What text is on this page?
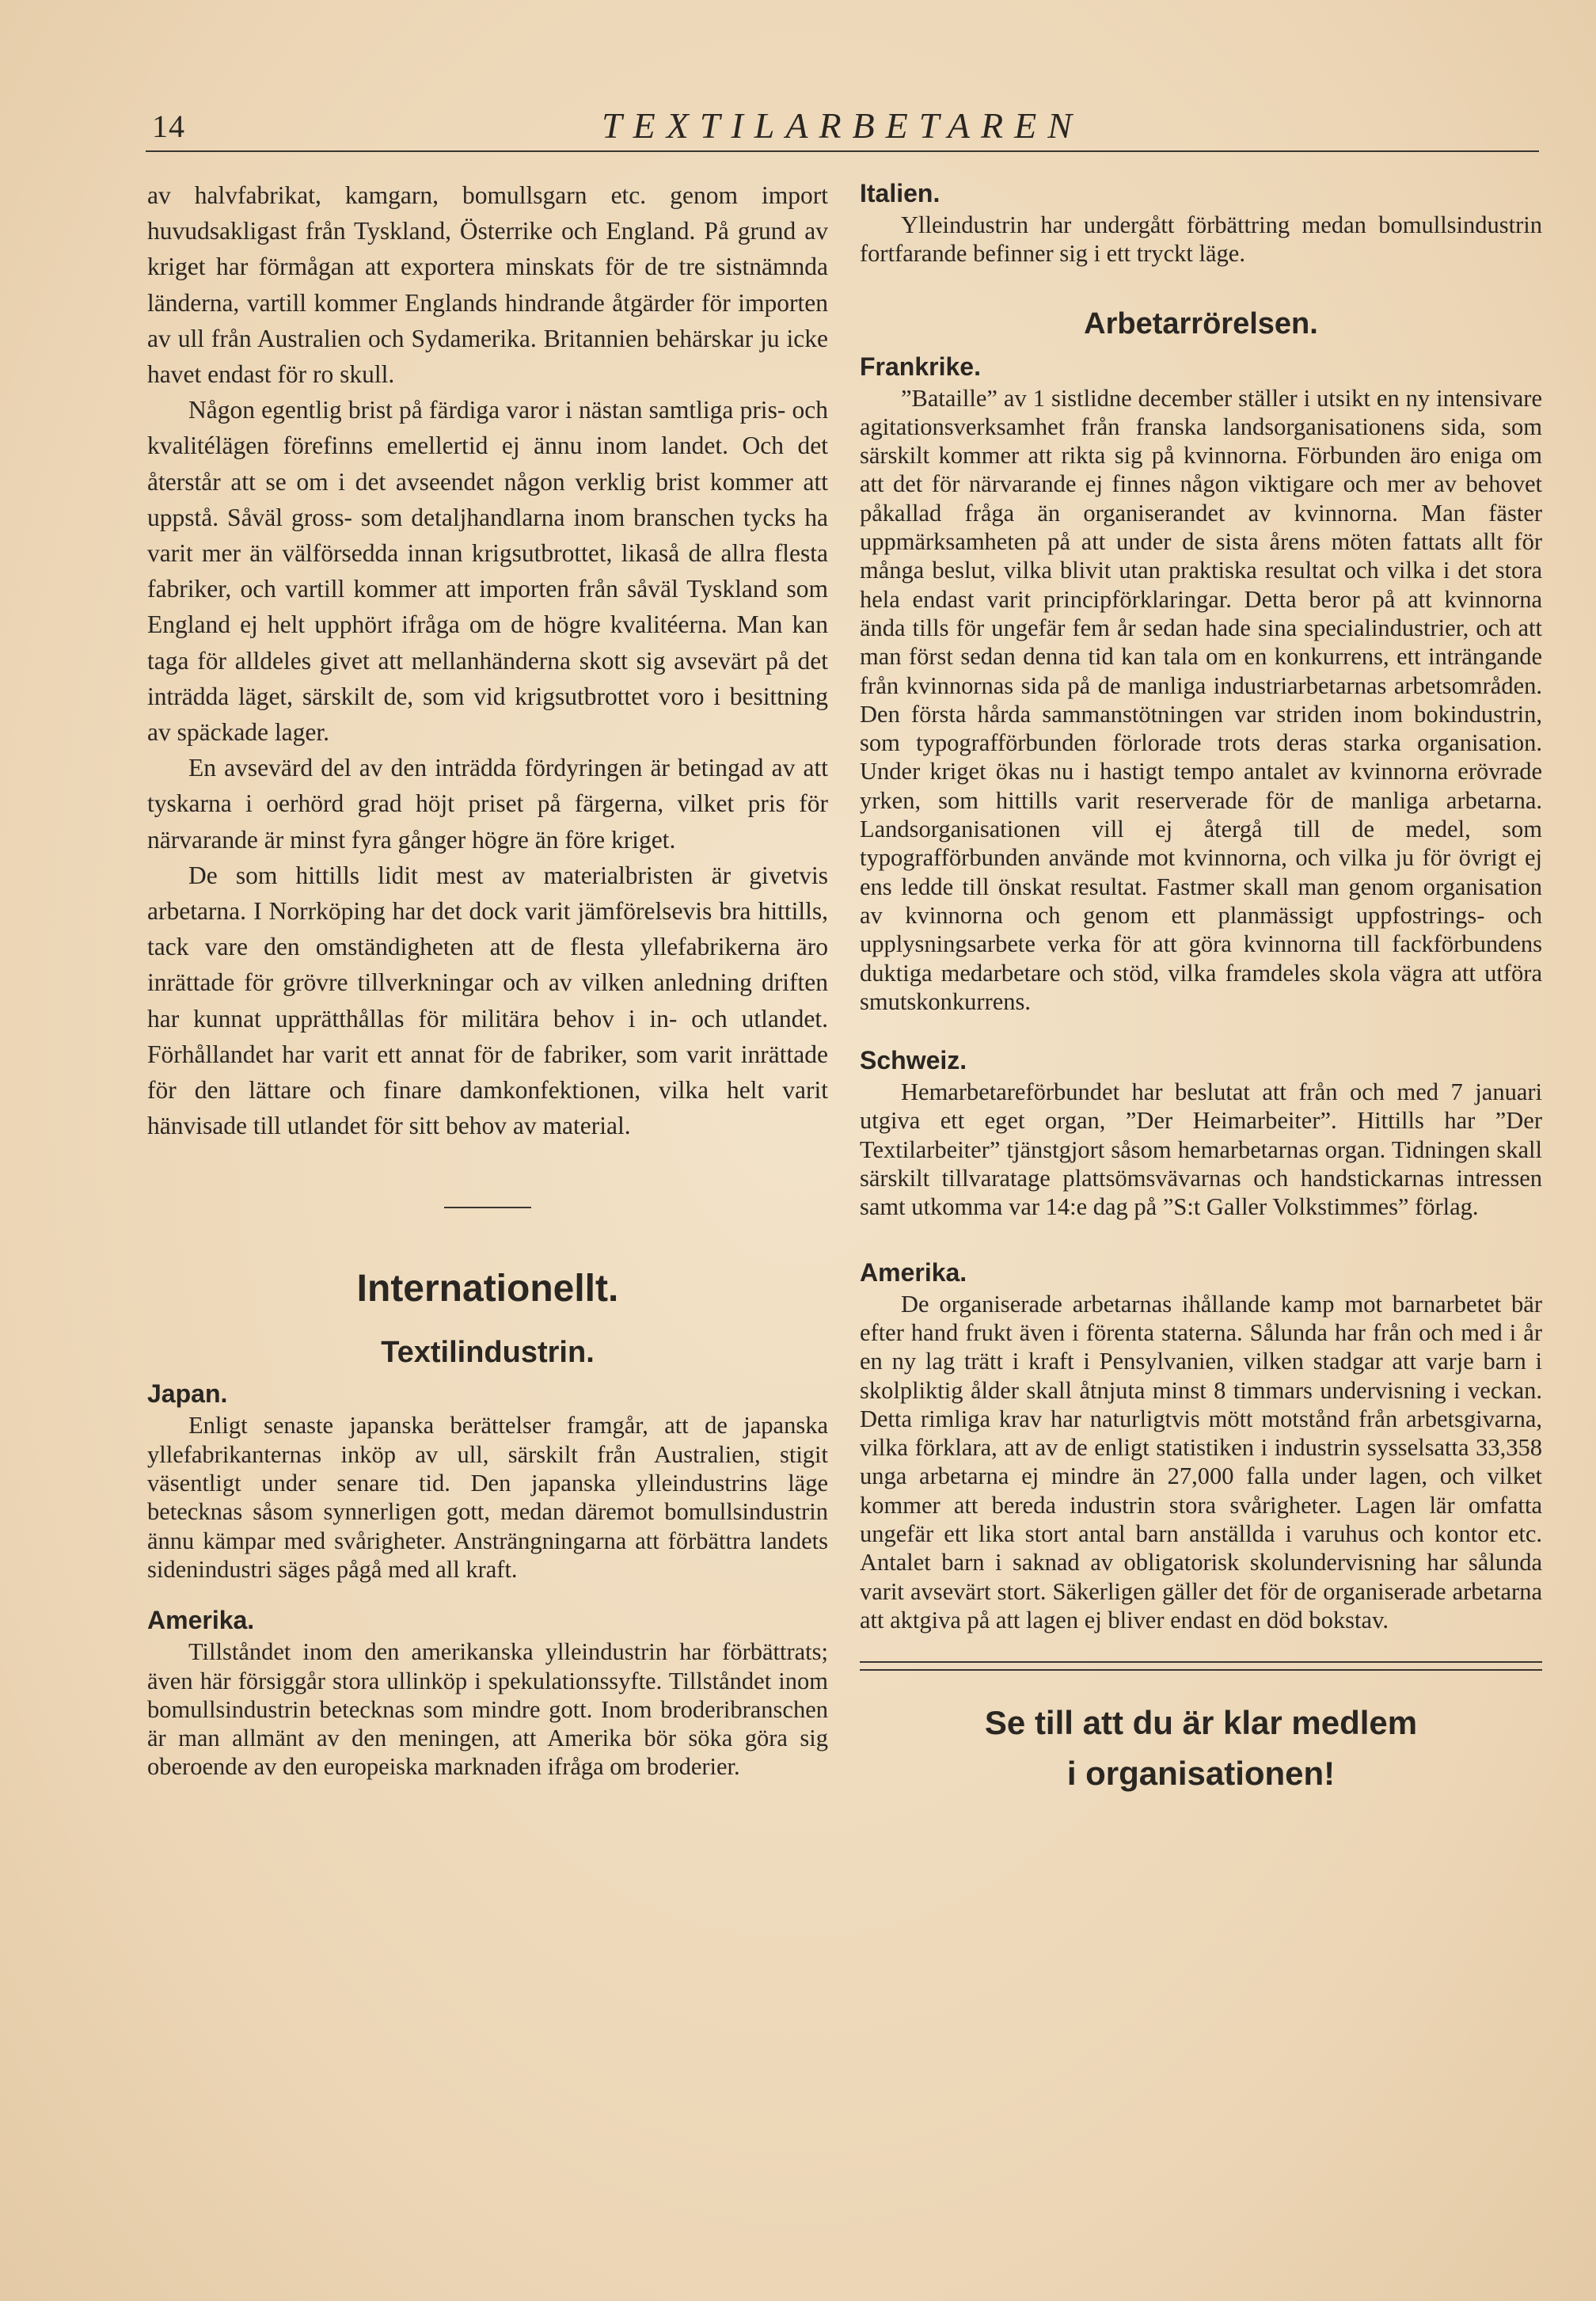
14	TEXTILARBETAREN

av halvfabrikat, kamgarn, bomullsgarn etc. genom import huvudsakligast från Tyskland, Österrike och England. På grund av kriget har förmågan att exportera minskats för de tre sistnämnda länderna, vartill kommer Englands hindrande åtgärder för importen av ull från Australien och Sydamerika. Britannien behärskar ju icke havet endast för ro skull.

Någon egentlig brist på färdiga varor i nästan samtliga pris- och kvalitélägen förefinns emellertid ej ännu inom landet. Och det återstår att se om i det avseendet någon verklig brist kommer att uppstå. Såväl gross- som detaljhandlarna inom branschen tycks ha varit mer än välförsedda innan krigsutbrottet, likaså de allra flesta fabriker, och vartill kommer att importen från såväl Tyskland som England ej helt upphört ifråga om de högre kvalitéerna. Man kan taga för alldeles givet att mellanhänderna skott sig avsevärt på det inträdda läget, särskilt de, som vid krigsutbrottet voro i besittning av späckade lager.

En avsevärd del av den inträdda fördyringen är betingad av att tyskarna i oerhörd grad höjt priset på färgerna, vilket pris för närvarande är minst fyra gånger högre än före kriget.

De som hittills lidit mest av materialbristen är givetvis arbetarna. I Norrköping har det dock varit jämförelsevis bra hittills, tack vare den omständigheten att de flesta yllefabrikerna äro inrättade för grövre tillverkningar och av vilken anledning driften har kunnat upprätthållas för militära behov i in- och utlandet. Förhållandet har varit ett annat för de fabriker, som varit inrättade för den lättare och finare damkonfektionen, vilka helt varit hänvisade till utlandet för sitt behov av material.

Internationellt.
Textilindustrin.
Japan.

Enligt senaste japanska berättelser framgår, att de japanska yllefabrikanternas inköp av ull, särskilt från Australien, stigit väsentligt under senare tid. Den japanska ylleindustrins läge betecknas såsom synnerligen gott, medan däremot bomullsindustrin ännu kämpar med svårigheter. Ansträngningarna att förbättra landets sidenindustri säges pågå med all kraft.

Amerika.

Tillståndet inom den amerikanska ylleindustrin har förbättrats; även här försiggår stora ullinköp i spekulationssyfte. Tillståndet inom bomullsindustrin betecknas som mindre gott. Inom broderibranschen är man allmänt av den meningen, att Amerika bör söka göra sig oberoende av den europeiska marknaden ifråga om broderier.

Italien.

Ylleindustrin har undergått förbättring medan bomullsindustrin fortfarande befinner sig i ett tryckt läge.

Arbetarrörelsen.
Frankrike.

”Bataille” av 1 sistlidne december ställer i utsikt en ny intensivare agitationsverksamhet från franska landsorganisationens sida, som särskilt kommer att rikta sig på kvinnorna. Förbunden äro eniga om att det för närvarande ej finnes någon viktigare och mer av behovet påkallad fråga än organiserandet av kvinnorna. Man fäster uppmärksamheten på att under de sista årens möten fattats allt för många beslut, vilka blivit utan praktiska resultat och vilka i det stora hela endast varit principförklaringar. Detta beror på att kvinnorna ända tills för ungefär fem år sedan hade sina specialindustrier, och att man först sedan denna tid kan tala om en konkurrens, ett inträngande från kvinnornas sida på de manliga industriarbetarnas arbetsområden. Den första hårda sammanstötningen var striden inom bokindustrin, som typografförbunden förlorade trots deras starka organisation. Under kriget ökas nu i hastigt tempo antalet av kvinnorna erövrade yrken, som hittills varit reserverade för de manliga arbetarna. Landsorganisationen vill ej återgå till de medel, som typografförbunden använde mot kvinnorna, och vilka ju för övrigt ej ens ledde till önskat resultat. Fastmer skall man genom organisation av kvinnorna och genom ett planmässigt uppfostrings- och upplysningsarbete verka för att göra kvinnorna till fackförbundens duktiga medarbetare och stöd, vilka framdeles skola vägra att utföra smutskonkurrens.

Schweiz.

Hemarbetareförbundet har beslutat att från och med 7 januari utgiva ett eget organ, ”Der Heimarbeiter”. Hittills har ”Der Textilarbeiter” tjänstgjort såsom hemarbetarnas organ. Tidningen skall särskilt tillvaratage plattsömsvävarnas och handstickarnas intressen samt utkomma var 14:e dag på ”S:t Galler Volkstimmes” förlag.

Amerika.

De organiserade arbetarnas ihållande kamp mot barnarbetet bär efter hand frukt även i förenta staterna. Sålunda har från och med i år en ny lag trätt i kraft i Pensylvanien, vilken stadgar att varje barn i skolpliktig ålder skall åtnjuta minst 8 timmars undervisning i veckan. Detta rimliga krav har naturligtvis mött motstånd från arbetsgivarna, vilka förklara, att av de enligt statistiken i industrin sysselsatta 33,358 unga arbetarna ej mindre än 27,000 falla under lagen, och vilket kommer att bereda industrin stora svårigheter. Lagen lär omfatta ungefär ett lika stort antal barn anställda i varuhus och kontor etc. Antalet barn i saknad av obligatorisk skolundervisning har sålunda varit avsevärt stort. Säkerligen gäller det för de organiserade arbetarna att aktgiva på att lagen ej bliver endast en död bokstav.

Se till att du är klar medlem
i organisationen!
